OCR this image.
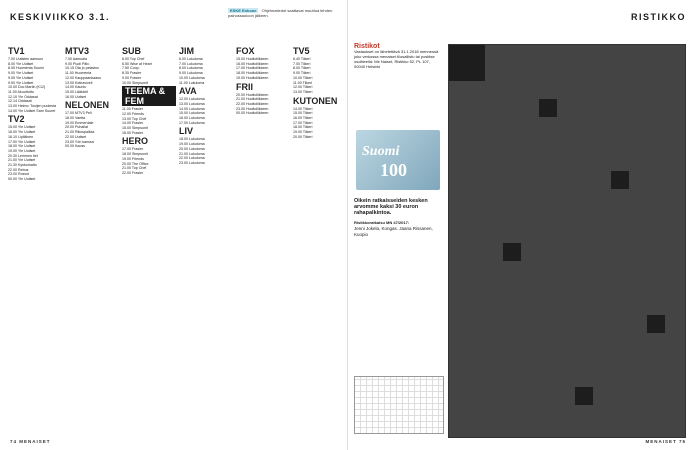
KESKIVIIKKO 3.1.
ESKE Enkone Ohjelmatiedot saattavat muuttua lehden painossaoloon jälkeen.
TV1
7.00 Uutisten aamuun
8.00 Yle Uutiset
8.05 Huomenta Suomi
9.00 Yle Uutiset
9.05 Yle Uutiset
9.50 Yle Uutiset
10.00 Doc Martin (K12)
11.00 Akuuttuttu
12.10 Yle Oddasat
12.14 Oddasat
13.00 Heimo: Tosijen puolesta
14.00 Yle Uutiset Sam Suuret
TV2
15.00 Yle Uutiset
16.00 Yle Uutiset
16.10 Lipiläinen
17.00 Yle Uutiset
18.00 Yle Uutiset
19.00 Yle Uutiset
20.30 Lemmen tiet
21.00 Yle Uutiset
21.30 Kyskomatto
22.00 Rebus
23.00 Rosvot
00.00 Yle Uutiset
MTV3
7.00 Aamuala
9.00 Puoli Päiv.
10.15 Ota jo pelastus
11.00 Huomenta
12.00 Kauppaankaasu
13.00 Kotiraviveli
14.00 Kaunis
15.00 Lääkärit
16.00 Uutiset
NELONEN
17.00 MTV3 Peli
18.00 Vaetta
19.00 Emmerdale
20.00 Puhallat
21.00 Rikospaikka
22.00 Uutiset
23.00 Yön kanssa
00.00 Kaoss
SUB
6.00 Top Chef
6.50 Wise at Heart
7.50 Coop.
8.35 Frasier
9.00 Frasier
10.00 Simpsonit
TEEMA & FEM
11.00 Frasier
12.00 Friends
13.00 Top Chef
14.00 Frasier
15.00 Simpsonit
16.00 Frasier
HERO
17.00 Frasier
18.00 Simpsonit
19.00 Friends
20.00 The Office
21.00 Top Chef
22.00 Frasier
JIM
6.00 Lukuloma
7.00 Lukuloma
8.00 Lukuloma
9.00 Lukuloma
10.00 Lukuloma
11.00 Lukuloma
AVA
12.00 Lukuloma
13.00 Lukuloma
14.00 Lukuloma
15.00 Lukuloma
16.00 Lukuloma
17.00 Lukuloma
LIV
18.00 Lukuloma
19.00 Lukuloma
20.00 Lukuloma
21.00 Lukuloma
22.00 Lukuloma
23.00 Lukuloma
FOX
15.00 Huoltoliikkeen
16.00 Huoltoliikkeen
17.00 Huoltoliikkeen
18.00 Huoltoliikkeen
19.00 Huoltoliikkeen
FRII
20.00 Huoltoliikkeen
21.00 Huoltoliikkeen
22.00 Huoltoliikkeen
23.00 Huoltoliikkeen
00.00 Huoltoliikkeen
TV5
6.40 Tiikeri
7.00 Tiikeri
8.00 Tiikeri
9.00 Tiikeri
10.00 Tiikeri
11.00 Tiikeri
12.00 Tiikeri
13.00 Tiikeri
KUTONEN
14.00 Tiikeri
15.00 Tiikeri
16.00 Tiikeri
17.00 Tiikeri
18.00 Tiikeri
19.00 Tiikeri
20.00 Tiikeri
74 MENAISET
RISTIKKO
Ristikot
Vastaukset on lähetettävä 31.1.2018 mennessä joko verkossa menaiset.fi/osallistu tai postitse osoitteella: Me Naiset, Ristikko 52, PL 107, 00040 Helsinki
Suomi
100
Oikein ratkaisseiden kesken arvomme kaksi 30 euron rahapalkintoa.
Ristikkoratkaisu MN 47/2017:
Jenni Jokela, Kongas. Jaana Rissanen, Kuopio
MENAISET 75
